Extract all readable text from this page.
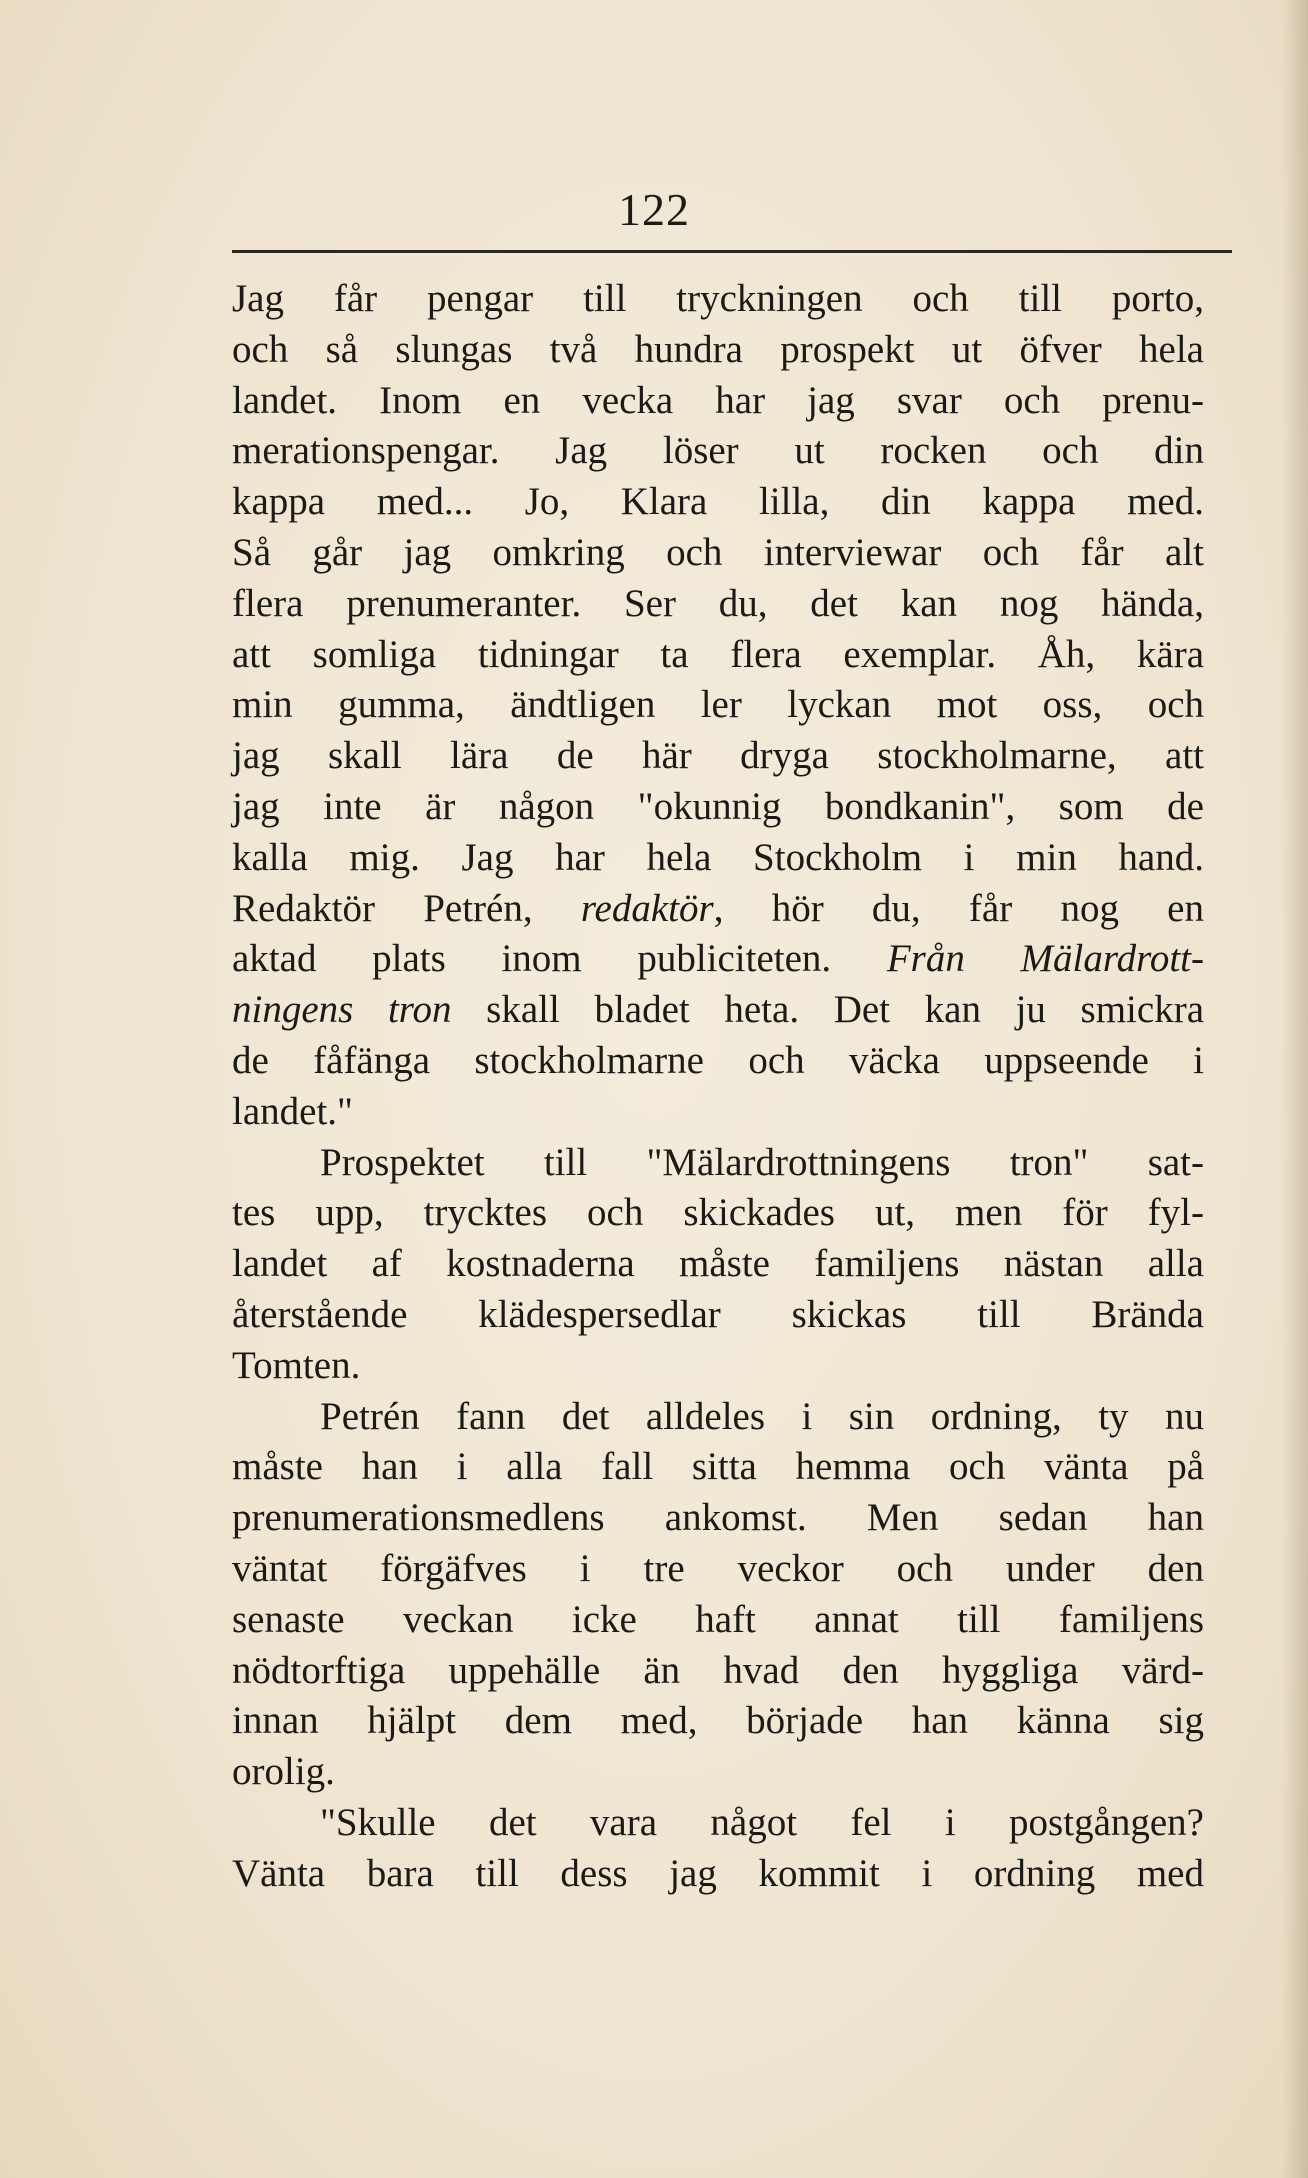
122
Jag får pengar till tryckningen och till porto,
och så slungas två hundra prospekt ut öfver hela
landet. Inom en vecka har jag svar och prenu-
merationspengar. Jag löser ut rocken och din
kappa med... Jo, Klara lilla, din kappa med.
Så går jag omkring och interviewar och får alt
flera prenumeranter. Ser du, det kan nog hända,
att somliga tidningar ta flera exemplar. Åh, kära
min gumma, ändtligen ler lyckan mot oss, och
jag skall lära de här dryga stockholmarne, att
jag inte är någon "okunnig bondkanin", som de
kalla mig. Jag har hela Stockholm i min hand.
Redaktör Petrén, redaktör, hör du, får nog en
aktad plats inom publiciteten. Från Mälardrott-
ningens tron skall bladet heta. Det kan ju smickra
de fåfänga stockholmarne och väcka uppseende i
landet."
Prospektet till "Mälardrottningens tron" sat-
tes upp, trycktes och skickades ut, men för fyl-
landet af kostnaderna måste familjens nästan alla
återstående klädespersedlar skickas till Brända
Tomten.
Petrén fann det alldeles i sin ordning, ty nu
måste han i alla fall sitta hemma och vänta på
prenumerationsmedlens ankomst. Men sedan han
väntat förgäfves i tre veckor och under den
senaste veckan icke haft annat till familjens
nödtorftiga uppehälle än hvad den hyggliga värd-
innan hjälpt dem med, började han känna sig
orolig.
"Skulle det vara något fel i postgången?
Vänta bara till dess jag kommit i ordning med
